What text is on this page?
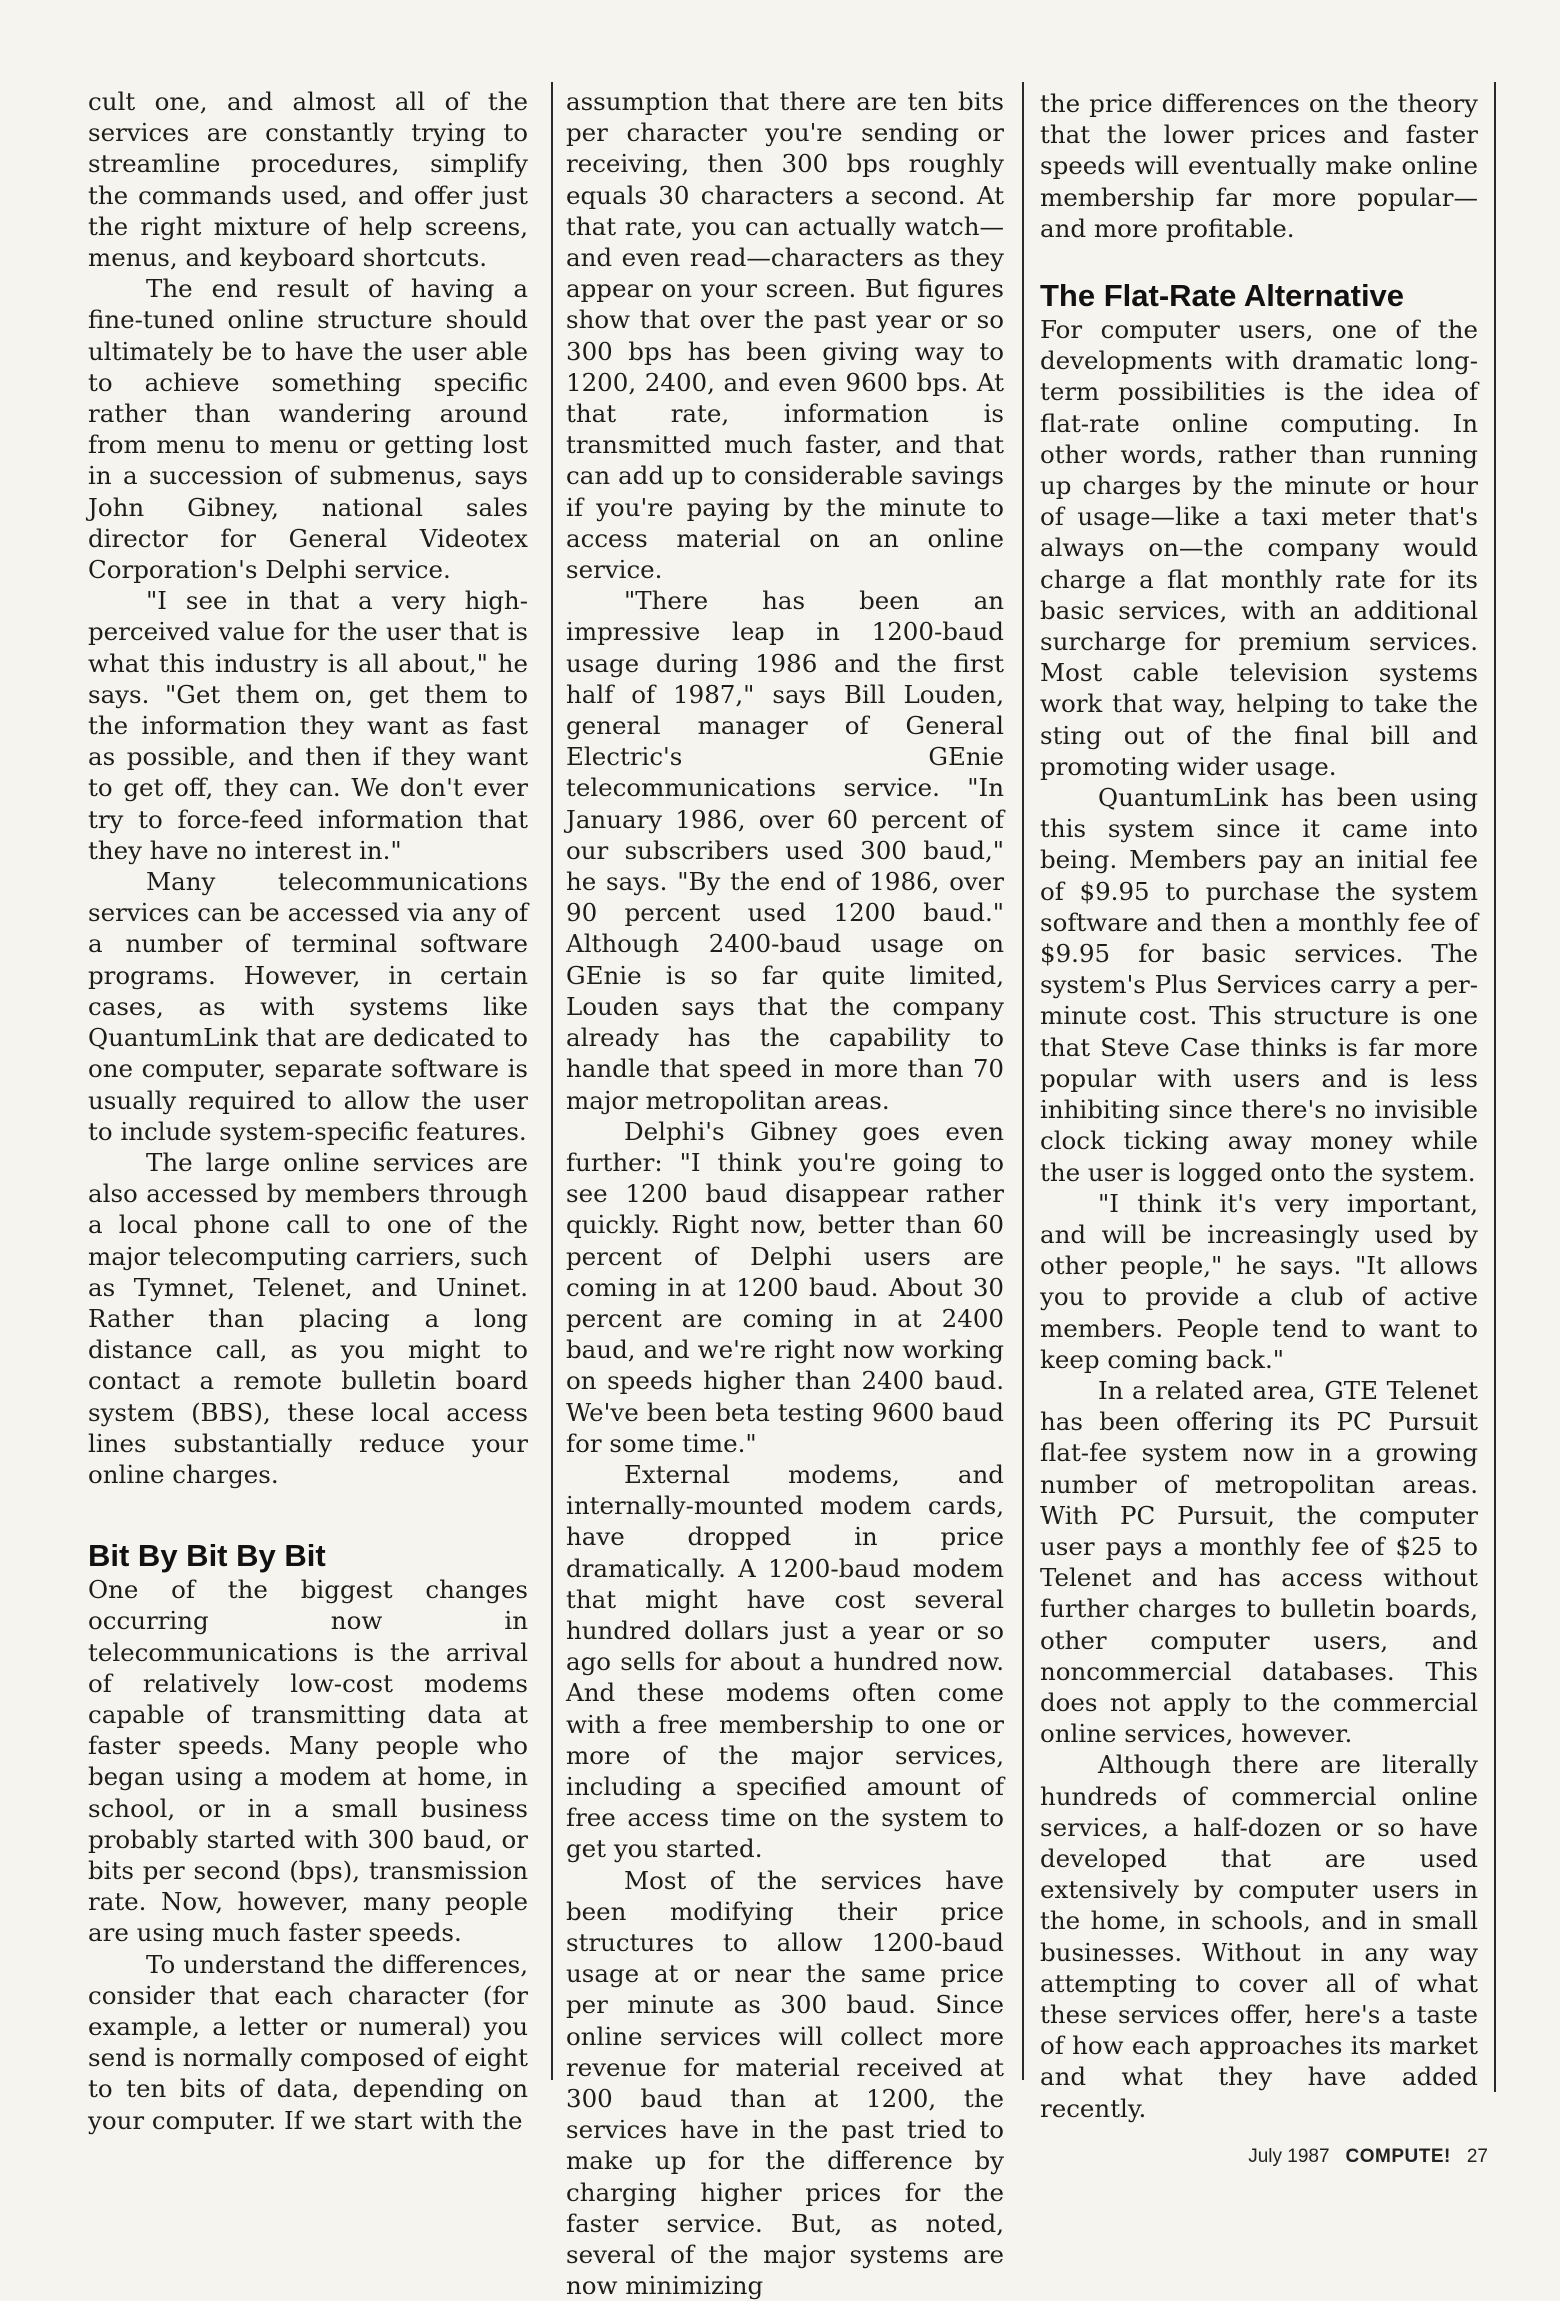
cult one, and almost all of the services are constantly trying to streamline procedures, simplify the commands used, and offer just the right mixture of help screens, menus, and keyboard shortcuts.

The end result of having a fine-tuned online structure should ultimately be to have the user able to achieve something specific rather than wandering around from menu to menu or getting lost in a succession of submenus, says John Gibney, national sales director for General Videotex Corporation's Delphi service.

"I see in that a very high-perceived value for the user that is what this industry is all about," he says. "Get them on, get them to the information they want as fast as possible, and then if they want to get off, they can. We don't ever try to force-feed information that they have no interest in."

Many telecommunications services can be accessed via any of a number of terminal software programs. However, in certain cases, as with systems like QuantumLink that are dedicated to one computer, separate software is usually required to allow the user to include system-specific features.

The large online services are also accessed by members through a local phone call to one of the major telecomputing carriers, such as Tymnet, Telenet, and Uninet. Rather than placing a long distance call, as you might to contact a remote bulletin board system (BBS), these local access lines substantially reduce your online charges.

Bit By Bit By Bit

One of the biggest changes occurring now in telecommunications is the arrival of relatively low-cost modems capable of transmitting data at faster speeds. Many people who began using a modem at home, in school, or in a small business probably started with 300 baud, or bits per second (bps), transmission rate. Now, however, many people are using much faster speeds.

To understand the differences, consider that each character (for example, a letter or numeral) you send is normally composed of eight to ten bits of data, depending on your computer. If we start with the

assumption that there are ten bits per character you're sending or receiving, then 300 bps roughly equals 30 characters a second. At that rate, you can actually watch—and even read—characters as they appear on your screen. But figures show that over the past year or so 300 bps has been giving way to 1200, 2400, and even 9600 bps. At that rate, information is transmitted much faster, and that can add up to considerable savings if you're paying by the minute to access material on an online service.

"There has been an impressive leap in 1200-baud usage during 1986 and the first half of 1987," says Bill Louden, general manager of General Electric's GEnie telecommunications service. "In January 1986, over 60 percent of our subscribers used 300 baud," he says. "By the end of 1986, over 90 percent used 1200 baud." Although 2400-baud usage on GEnie is so far quite limited, Louden says that the company already has the capability to handle that speed in more than 70 major metropolitan areas.

Delphi's Gibney goes even further: "I think you're going to see 1200 baud disappear rather quickly. Right now, better than 60 percent of Delphi users are coming in at 1200 baud. About 30 percent are coming in at 2400 baud, and we're right now working on speeds higher than 2400 baud. We've been beta testing 9600 baud for some time."

External modems, and internally-mounted modem cards, have dropped in price dramatically. A 1200-baud modem that might have cost several hundred dollars just a year or so ago sells for about a hundred now. And these modems often come with a free membership to one or more of the major services, including a specified amount of free access time on the system to get you started.

Most of the services have been modifying their price structures to allow 1200-baud usage at or near the same price per minute as 300 baud. Since online services will collect more revenue for material received at 300 baud than at 1200, the services have in the past tried to make up for the difference by charging higher prices for the faster service. But, as noted, several of the major systems are now minimizing

the price differences on the theory that the lower prices and faster speeds will eventually make online membership far more popular—and more profitable.

The Flat-Rate Alternative

For computer users, one of the developments with dramatic long-term possibilities is the idea of flat-rate online computing. In other words, rather than running up charges by the minute or hour of usage—like a taxi meter that's always on—the company would charge a flat monthly rate for its basic services, with an additional surcharge for premium services. Most cable television systems work that way, helping to take the sting out of the final bill and promoting wider usage.

QuantumLink has been using this system since it came into being. Members pay an initial fee of $9.95 to purchase the system software and then a monthly fee of $9.95 for basic services. The system's Plus Services carry a per-minute cost. This structure is one that Steve Case thinks is far more popular with users and is less inhibiting since there's no invisible clock ticking away money while the user is logged onto the system.

"I think it's very important, and will be increasingly used by other people," he says. "It allows you to provide a club of active members. People tend to want to keep coming back."

In a related area, GTE Telenet has been offering its PC Pursuit flat-fee system now in a growing number of metropolitan areas. With PC Pursuit, the computer user pays a monthly fee of $25 to Telenet and has access without further charges to bulletin boards, other computer users, and noncommercial databases. This does not apply to the commercial online services, however.

Although there are literally hundreds of commercial online services, a half-dozen or so have developed that are used extensively by computer users in the home, in schools, and in small businesses. Without in any way attempting to cover all of what these services offer, here's a taste of how each approaches its market and what they have added recently.

July 1987 COMPUTE! 27
